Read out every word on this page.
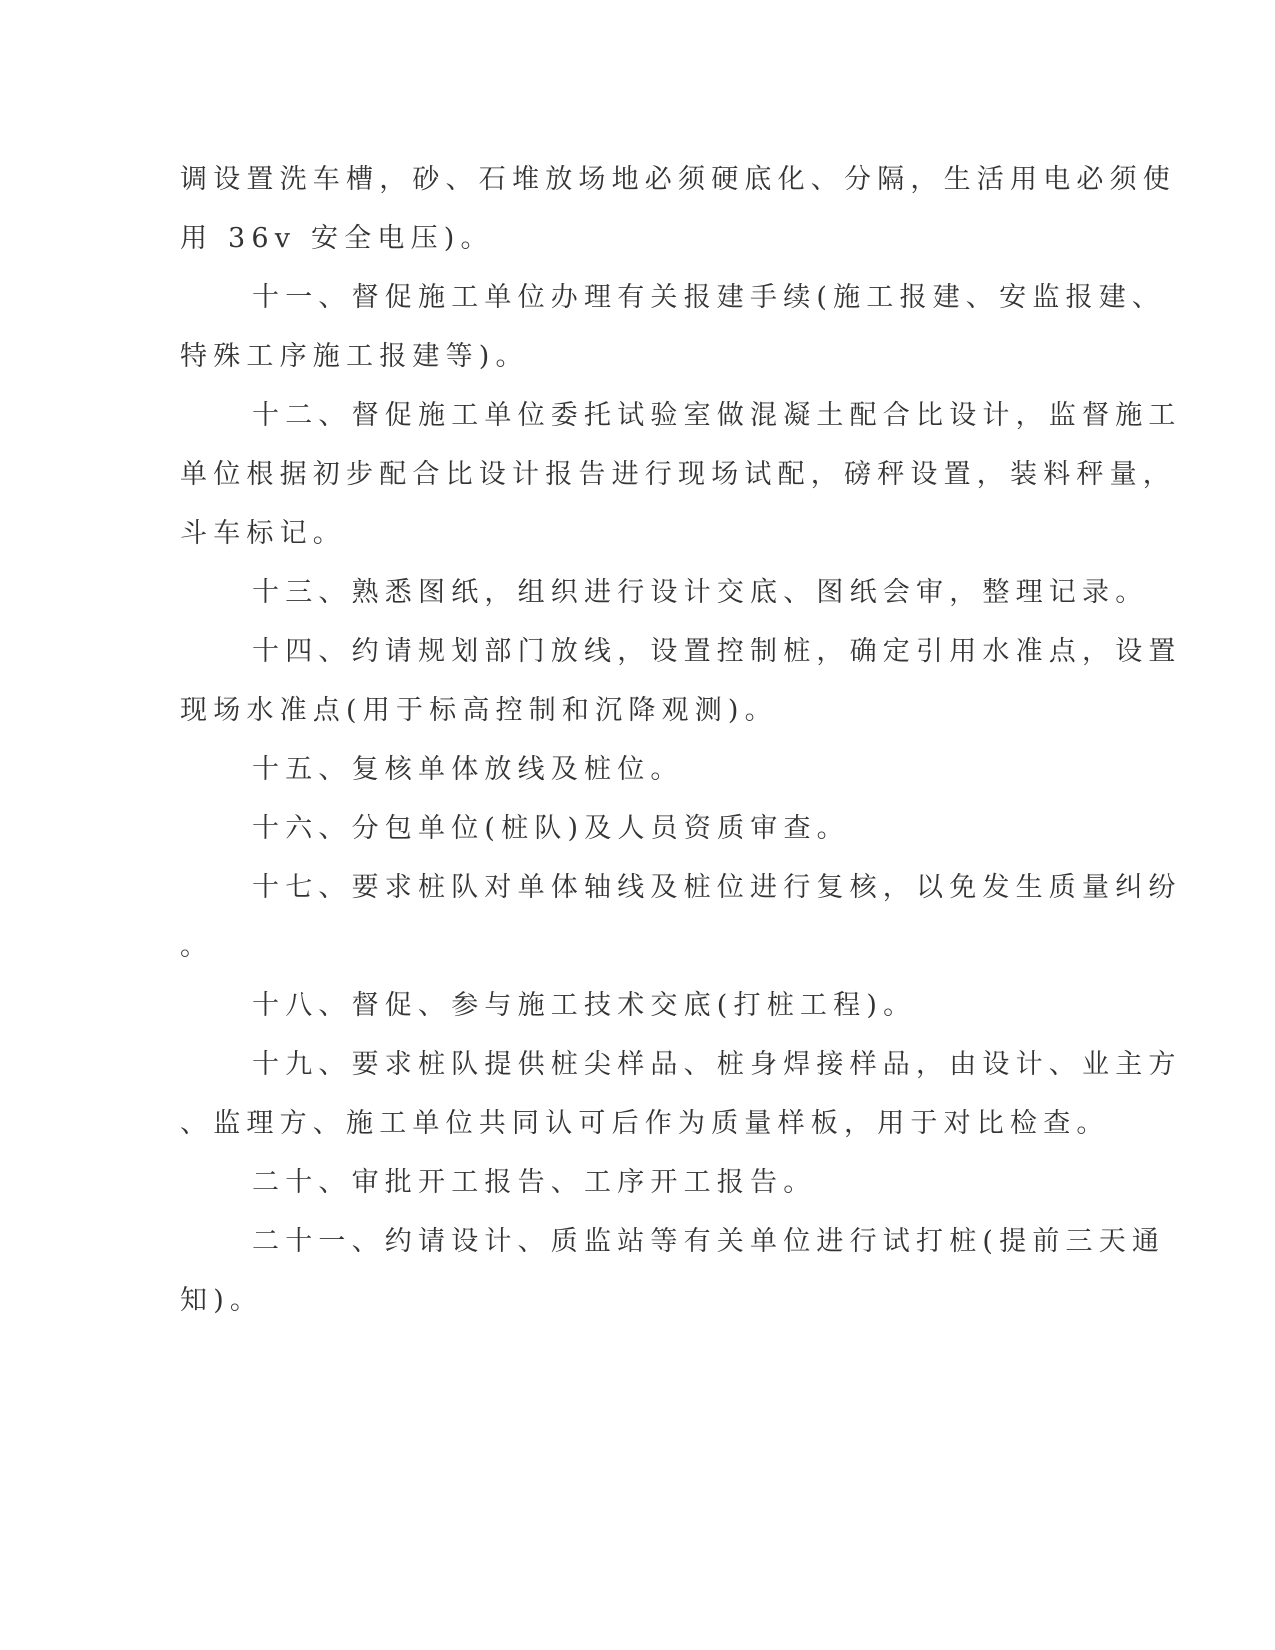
调设置洗车槽，砂、石堆放场地必须硬底化、分隔，生活用电必须使
用 36v 安全电压)。
十一、督促施工单位办理有关报建手续(施工报建、安监报建、
特殊工序施工报建等)。
十二、督促施工单位委托试验室做混凝土配合比设计，监督施工
单位根据初步配合比设计报告进行现场试配，磅秤设置，装料秤量，
斗车标记。
十三、熟悉图纸，组织进行设计交底、图纸会审，整理记录。
十四、约请规划部门放线，设置控制桩，确定引用水准点，设置
现场水准点(用于标高控制和沉降观测)。
十五、复核单体放线及桩位。
十六、分包单位(桩队)及人员资质审查。
十七、要求桩队对单体轴线及桩位进行复核，以免发生质量纠纷
。
十八、督促、参与施工技术交底(打桩工程)。
十九、要求桩队提供桩尖样品、桩身焊接样品，由设计、业主方
、监理方、施工单位共同认可后作为质量样板，用于对比检查。
二十、审批开工报告、工序开工报告。
二十一、约请设计、质监站等有关单位进行试打桩(提前三天通
知)。
